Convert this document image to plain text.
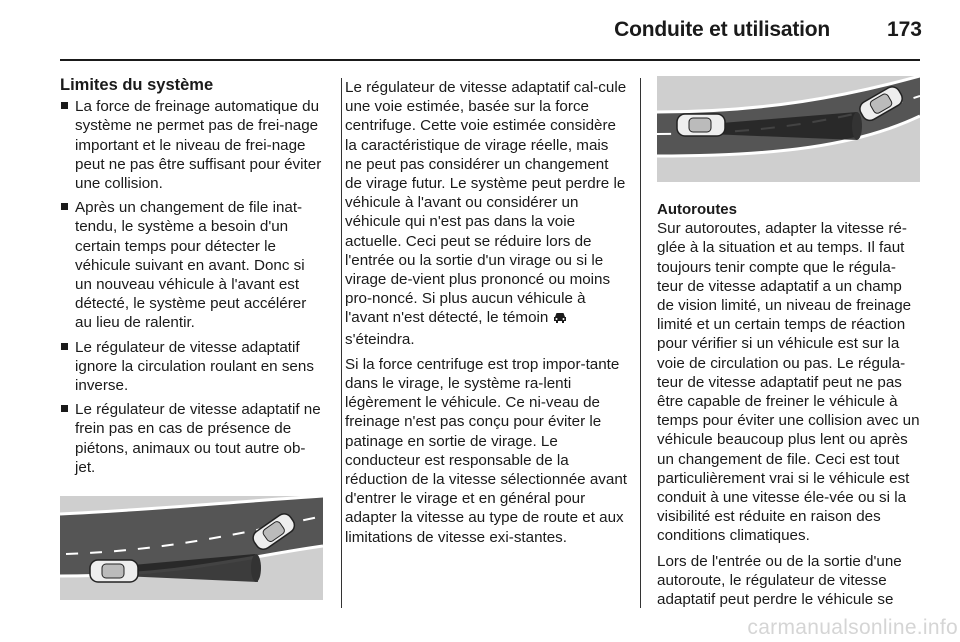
Conduite et utilisation	173
Limites du système
La force de freinage automatique du système ne permet pas de frei-nage important et le niveau de frei-nage peut ne pas être suffisant pour éviter une collision.
Après un changement de file inat-tendu, le système a besoin d'un certain temps pour détecter le véhicule suivant en avant. Donc si un nouveau véhicule à l'avant est détecté, le système peut accélérer au lieu de ralentir.
Le régulateur de vitesse adaptatif ignore la circulation roulant en sens inverse.
Le régulateur de vitesse adaptatif ne frein pas en cas de présence de piétons, animaux ou tout autre ob-jet.

Le régulateur de vitesse adaptatif cal-cule une voie estimée, basée sur la force centrifuge. Cette voie estimée considère la caractéristique de virage réelle, mais ne peut pas considérer un changement de virage futur. Le système peut perdre le véhicule à l'avant ou considérer un véhicule qui n'est pas dans la voie actuelle. Ceci peut se réduire lors de l'entrée ou la sortie d'un virage ou si le virage de-vient plus prononcé ou moins pro-noncé. Si plus aucun véhicule à l'avant n'est détecté, le témoin  s'éteindra.

Si la force centrifuge est trop impor-tante dans le virage, le système ra-lenti légèrement le véhicule. Ce ni-veau de freinage n'est pas conçu pour éviter le patinage en sortie de virage. Le conducteur est responsable de la réduction de la vitesse sélectionnée avant d'entrer le virage et en général pour adapter la vitesse au type de route et aux limitations de vitesse exi-stantes.

Autoroutes

Sur autoroutes, adapter la vitesse ré-glée à la situation et au temps. Il faut toujours tenir compte que le régula-teur de vitesse adaptatif a un champ de vision limité, un niveau de freinage limité et un certain temps de réaction pour vérifier si un véhicule est sur la voie de circulation ou pas. Le régula-teur de vitesse adaptatif peut ne pas être capable de freiner le véhicule à temps pour éviter une collision avec un véhicule beaucoup plus lent ou après un changement de file. Ceci est tout particulièrement vrai si le véhicule est conduit à une vitesse éle-vée ou si la visibilité est réduite en raison des conditions climatiques.

Lors de l'entrée ou de la sortie d'une autoroute, le régulateur de vitesse adaptatif peut perdre le véhicule se

carmanualsonline.info
